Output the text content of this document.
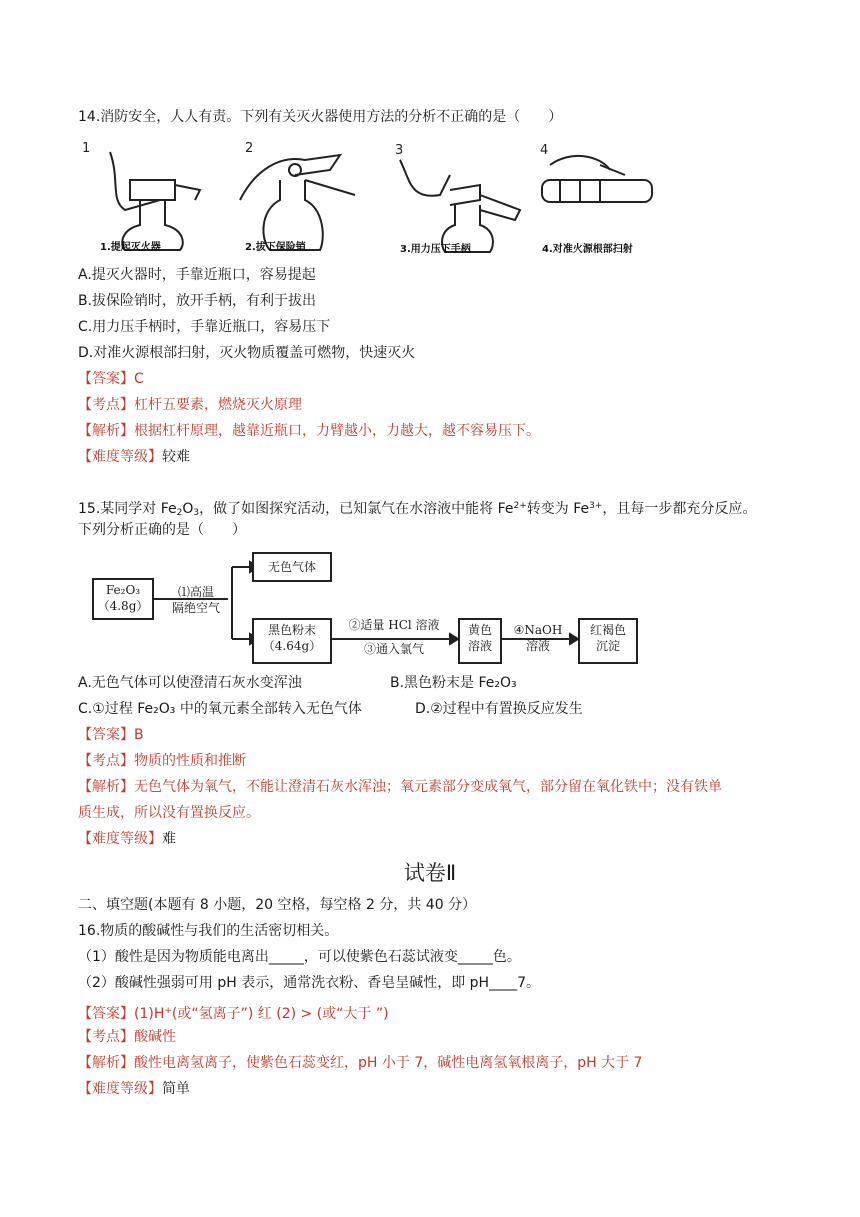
14.消防安全，人人有责。下列有关灭火器使用方法的分析不正确的是（　　）
1	2	3	4
1.提起灭火器	2.拔下保险销	3.用力压下手柄	4.对准火源根部扫射
A.提灭火器时，手靠近瓶口，容易提起
B.拔保险销时，放开手柄，有利于拔出
C.用力压手柄时，手靠近瓶口，容易压下
D.对准火源根部扫射，灭火物质覆盖可燃物，快速灭火
【答案】C
【考点】杠杆五要素，燃烧灭火原理
【解析】根据杠杆原理，越靠近瓶口，力臂越小，力越大，越不容易压下。
【难度等级】较难
15.某同学对 $Fe_2O_3$，做了如图探究活动，已知氯气在水溶液中能将 $Fe^{2+}$转变为 $Fe^{3+}$，且每一步都充分反应。
下列分析正确的是（　　）
Fe₂O₃
（4.8g）
⑴高温
隔绝空气
无色气体
黑色粉末
（4.64g）
②适量 HCl 溶液
③通入氯气
黄色
溶液
④NaOH
溶液
红褐色
沉淀
A.无色气体可以使澄清石灰水变浑浊	B.黑色粉末是 Fe₂O₃
C.①过程 Fe₂O₃ 中的氧元素全部转入无色气体	D.②过程中有置换反应发生
【答案】B
【考点】物质的性质和推断
【解析】无色气体为氧气，不能让澄清石灰水浑浊；氧元素部分变成氧气，部分留在氧化铁中；没有铁单
质生成，所以没有置换反应。
【难度等级】难
试卷Ⅱ
二、填空题(本题有 8 小题，20 空格，每空格 2 分，共 40 分）
16.物质的酸碱性与我们的生活密切相关。
（1）酸性是因为物质能电离出_____，可以使紫色石蕊试液变_____色。
（2）酸碱性强弱可用 pH 表示，通常洗衣粉、香皂呈碱性，即 pH____7。
【答案】(1)H+(或“氢离子”) 红 (2) > (或“大于 ”)
【考点】酸碱性
【解析】酸性电离氢离子，使紫色石蕊变红，pH 小于 7，碱性电离氢氧根离子，pH 大于 7
【难度等级】简单
